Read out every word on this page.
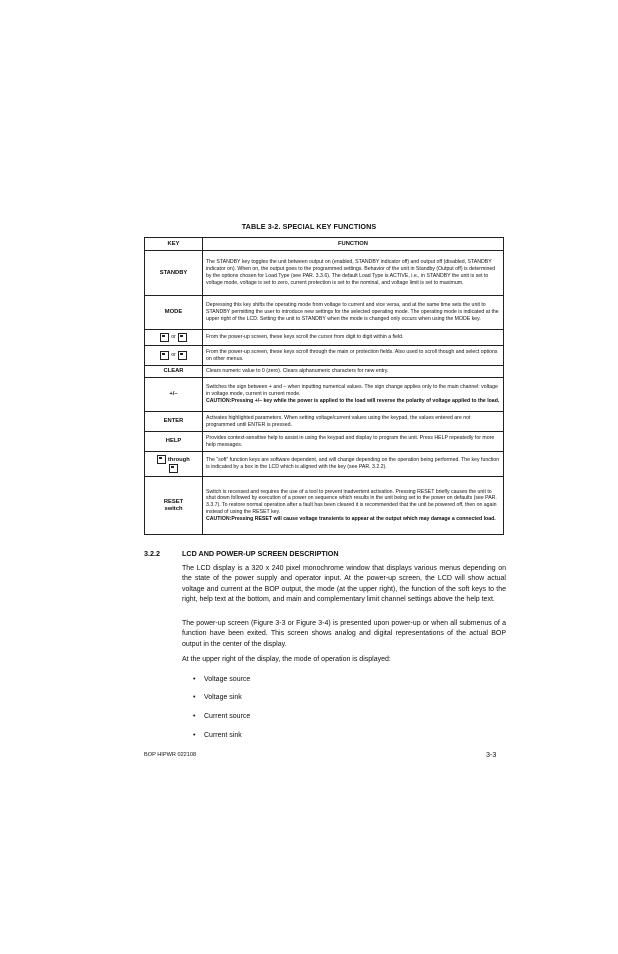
TABLE 3-2. SPECIAL KEY FUNCTIONS
KEY	FUNCTION
STANDBY	The STANDBY key toggles the unit between output on (enabled, STANDBY indicator off) and output off (disabled, STANDBY indicator on). When on, the output goes to the programmed settings. Behavior of the unit in Standby (Output off) is determined by the options chosen for Load Type (see PAR. 3.3.6). The default Load Type is ACTIVE, i.e., in STANDBY the unit is set to voltage mode, voltage is set to zero, current protection is set to the nominal, and voltage limit is set to maximum.
MODE	Depressing this key shifts the operating mode from voltage to current and vice versa, and at the same time sets the unit to STANDBY permitting the user to introduce new settings for the selected operating mode. The operating mode is indicated at the upper right of the LCD. Setting the unit to STANDBY when the mode is changed only occurs when using the MODE key.
or	From the power-up screen, these keys scroll the cursor from digit to digit within a field.
or	From the power-up screen, these keys scroll through the main or protection fields. Also used to scroll though and select options on other menus.
CLEAR	Clears numeric value to 0 (zero). Clears alphanumeric characters for new entry.
+/–	Switches the sign between + and – when inputting numerical values. The sign change applies only to the main channel: voltage in voltage mode, current in current mode.
CAUTION:Pressing +/– key while the power is applied to the load will reverse the polarity of voltage applied to the load.
ENTER	Activates highlighted parameters. When setting voltage/current values using the keypad, the values entered are not programmed until ENTER is pressed.
HELP	Provides context-sensitive help to assist in using the keypad and display to program the unit. Press HELP repeatedly for more help messages.
through	The “soft” function keys are software dependent, and will change depending on the operation being performed. The key function is indicated by a box in the LCD which is aligned with the key (see PAR. 3.2.2).
RESET
switch	Switch is recessed and requires the use of a tool to prevent inadvertent activation. Pressing RESET briefly causes the unit to shut down followed by execution of a power on sequence which results in the unit being set to the power on defaults (see PAR. 3.3.7). To restore normal operation after a fault has been cleared it is recommended that the unit be powered off, then on again instead of using the RESET key.
CAUTION:Pressing RESET will cause voltage transients to appear at the output which may damage a connected load.
3.2.2	LCD AND POWER-UP SCREEN DESCRIPTION

The LCD display is a 320 x 240 pixel monochrome window that displays various menus depending on the state of the power supply and operator input. At the power-up screen, the LCD will show actual voltage and current at the BOP output, the mode (at the upper right), the function of the soft keys to the right, help text at the bottom, and main and complementary limit channel settings above the help text.

The power-up screen (Figure 3-3 or Figure 3-4) is presented upon power-up or when all submenus of a function have been exited. This screen shows analog and digital representations of the actual BOP output in the center of the display.

At the upper right of the display, the mode of operation is displayed:

• Voltage source
• Voltage sink
• Current source
• Current sink
BOP HIPWR 022108	3-3
